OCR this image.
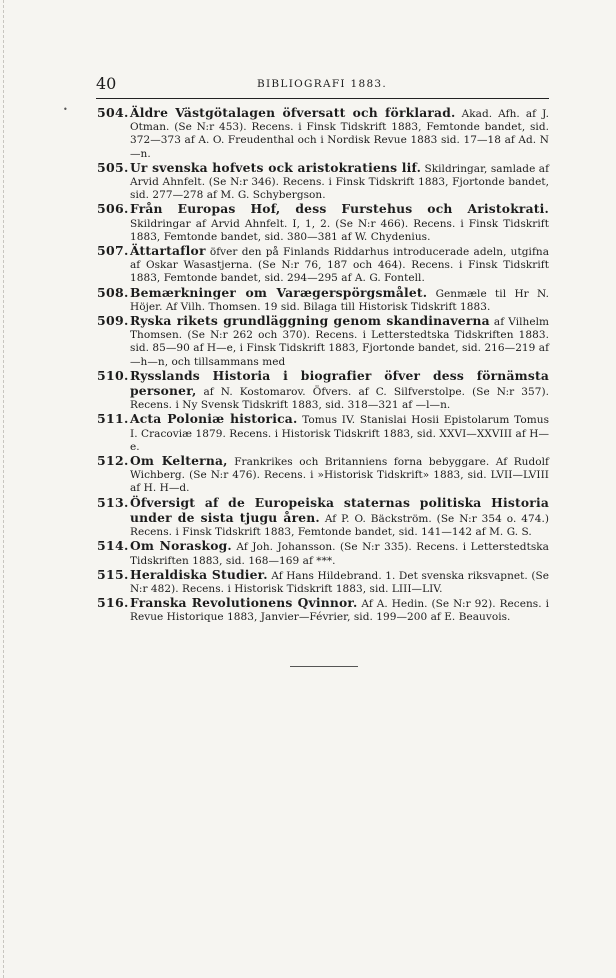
•
40	BIBLIOGRAFI 1883.
504. Äldre Västgötalagen öfversatt och förklarad. Akad. Afh. af J. Otman. (Se N:r 453). Recens. i Finsk Tidskrift 1883, Femtonde bandet, sid. 372—373 af A. O. Freudenthal och i Nordisk Revue 1883 sid. 17—18 af Ad. N—n.
505. Ur svenska hofvets ock aristokratiens lif. Skildringar, samlade af Arvid Ahnfelt. (Se N:r 346). Recens. i Finsk Tidskrift 1883, Fjortonde bandet, sid. 277—278 af M. G. Schybergson.
506. Från Europas Hof, dess Furstehus och Aristokrati. Skildringar af Arvid Ahnfelt. I, 1, 2. (Se N:r 466). Recens. i Finsk Tidskrift 1883, Femtonde bandet, sid. 380—381 af W. Chydenius.
507. Ättartaflor öfver den på Finlands Riddarhus introducerade adeln, utgifna af Oskar Wasastjerna. (Se N:r 76, 187 och 464). Recens. i Finsk Tidskrift 1883, Femtonde bandet, sid. 294—295 af A. G. Fontell.
508. Bemærkninger om Varægerspörgsmålet. Genmæle til Hr N. Höjer. Af Vilh. Thomsen. 19 sid. Bilaga till Historisk Tidskrift 1883.
509. Ryska rikets grundläggning genom skandinaverna af Vilhelm Thomsen. (Se N:r 262 och 370). Recens. i Letterstedtska Tidskriften 1883. sid. 85—90 af H—e, i Finsk Tidskrift 1883, Fjortonde bandet, sid. 216—219 af —h—n, och tillsammans med
510. Rysslands Historia i biografier öfver dess förnämsta personer, af N. Kostomarov. Öfvers. af C. Silfverstolpe. (Se N:r 357). Recens. i Ny Svensk Tidskrift 1883, sid. 318—321 af —l—n.
511. Acta Poloniæ historica. Tomus IV. Stanislai Hosii Epistolarum Tomus I. Cracoviæ 1879. Recens. i Historisk Tidskrift 1883, sid. XXVI—XXVIII af H—e.
512. Om Kelterna, Frankrikes och Britanniens forna bebyggare. Af Rudolf Wichberg. (Se N:r 476). Recens. i »Historisk Tidskrift» 1883, sid. LVII—LVIII af H. H—d.
513. Öfversigt af de Europeiska staternas politiska Historia under de sista tjugu åren. Af P. O. Bäckström. (Se N:r 354 o. 474.) Recens. i Finsk Tidskrift 1883, Femtonde bandet, sid. 141—142 af M. G. S.
514. Om Noraskog. Af Joh. Johansson. (Se N:r 335). Recens. i Letterstedtska Tidskriften 1883, sid. 168—169 af ***.
515. Heraldiska Studier. Af Hans Hildebrand. 1. Det svenska riksvapnet. (Se N:r 482). Recens. i Historisk Tidskrift 1883, sid. LIII—LIV.
516. Franska Revolutionens Qvinnor. Af A. Hedin. (Se N:r 92). Recens. i Revue Historique 1883, Janvier—Février, sid. 199—200 af E. Beauvois.
